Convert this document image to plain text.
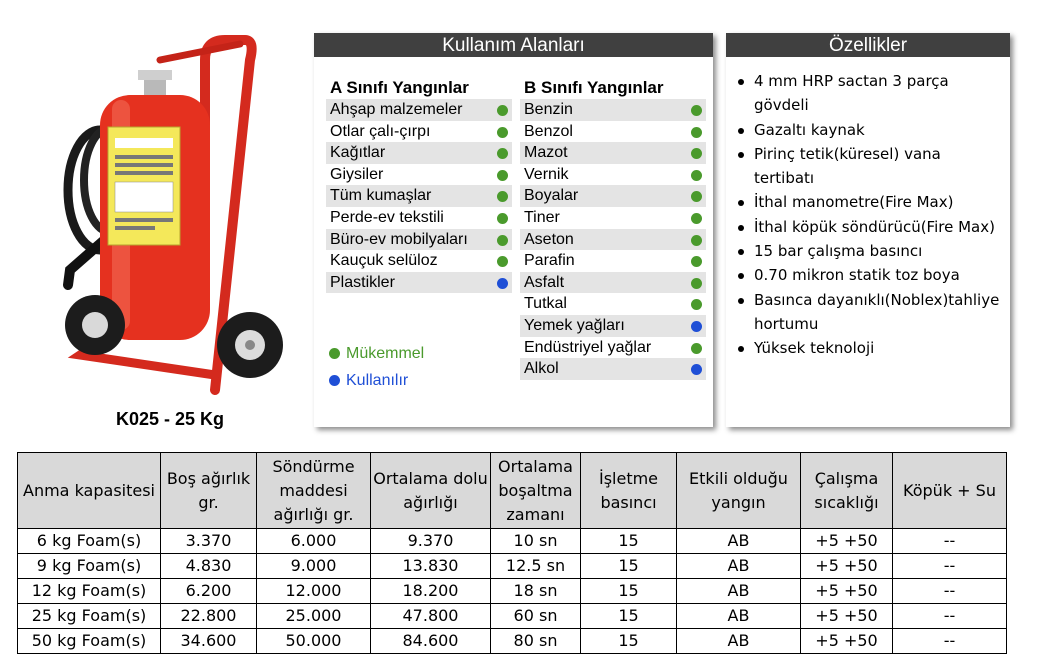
K025 - 25 Kg
Kullanım Alanları
A Sınıfı Yangınlar
Ahşap malzemeler
Otlar çalı-çırpı
Kağıtlar
Giysiler
Tüm kumaşlar
Perde-ev tekstili
Büro-ev mobilyaları
Kauçuk selüloz
Plastikler
B Sınıfı Yangınlar
Benzin
Benzol
Mazot
Vernik
Boyalar
Tiner
Aseton
Parafin
Asfalt
Tutkal
Yemek yağları
Endüstriyel yağlar
Alkol
Mükemmel
Kullanılır
Özellikler
4 mm HRP sactan 3 parça gövdeli
Gazaltı kaynak
Pirinç tetik(küresel) vana tertibatı
İthal manometre(Fire Max)
İthal köpük söndürücü(Fire Max)
15 bar çalışma basıncı
0.70 mikron statik toz boya
Basınca dayanıklı(Noblex)tahliye hortumu
Yüksek teknoloji
Anma kapasitesi	Boş ağırlık gr.	Söndürme maddesi ağırlığı gr.	Ortalama dolu ağırlığı	Ortalama boşaltma zamanı	İşletme basıncı	Etkili olduğu yangın	Çalışma sıcaklığı	Köpük + Su
6 kg Foam(s)	3.370	6.000	9.370	10 sn	15	AB	+5 +50	--
9 kg Foam(s)	4.830	9.000	13.830	12.5 sn	15	AB	+5 +50	--
12 kg Foam(s)	6.200	12.000	18.200	18 sn	15	AB	+5 +50	--
25 kg Foam(s)	22.800	25.000	47.800	60 sn	15	AB	+5 +50	--
50 kg Foam(s)	34.600	50.000	84.600	80 sn	15	AB	+5 +50	--
